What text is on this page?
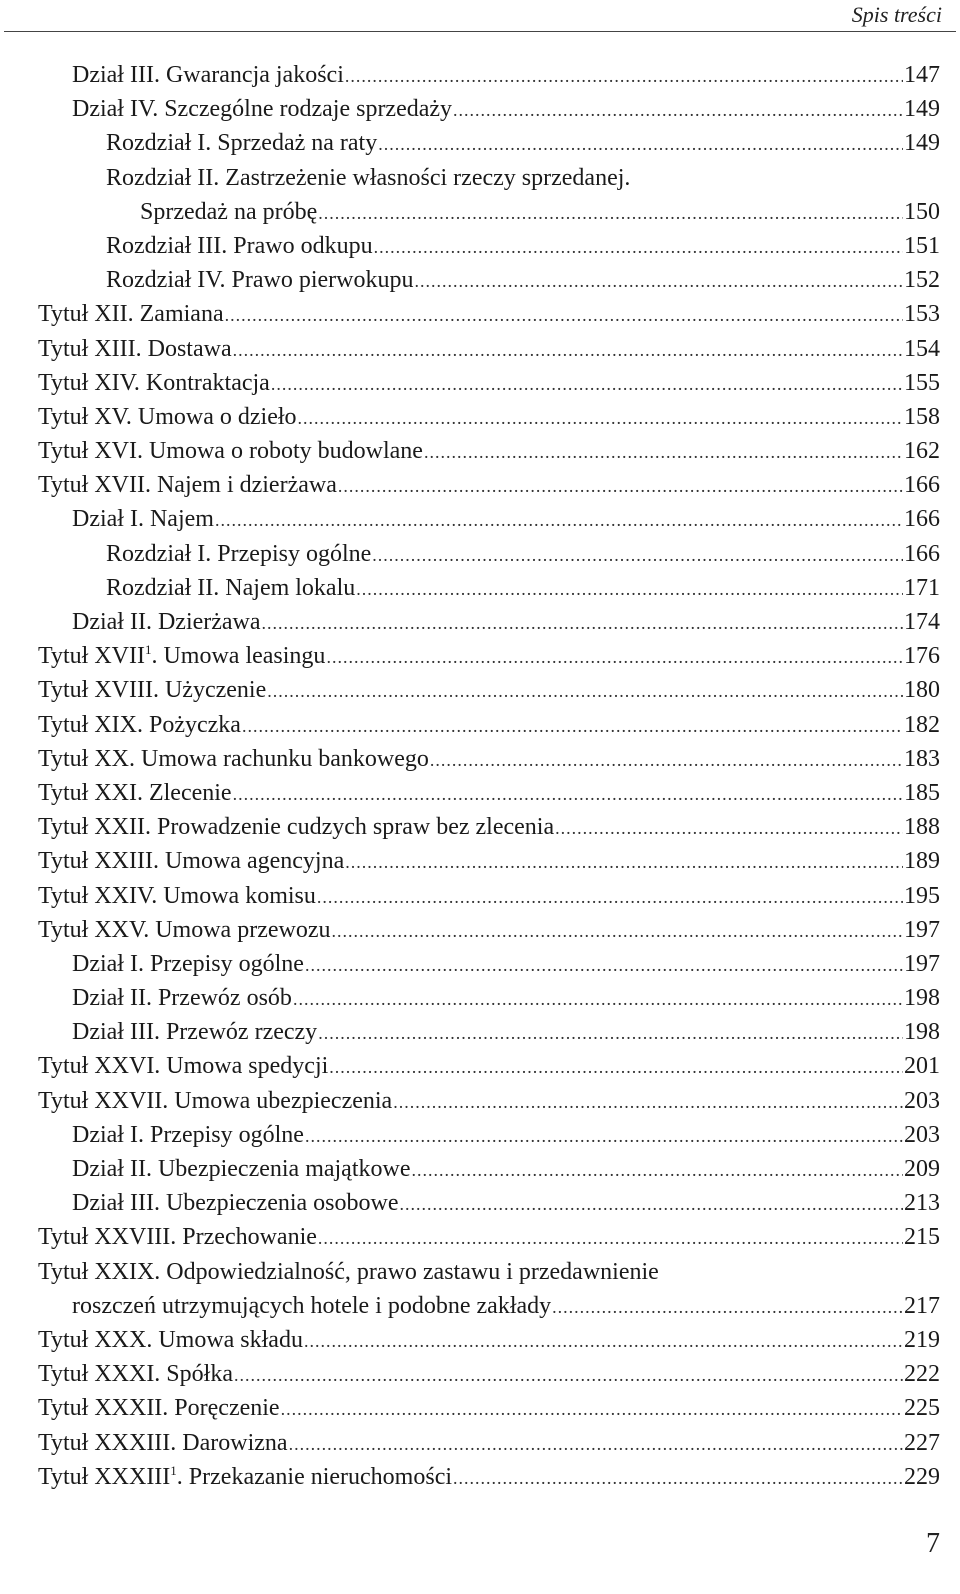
Spis treści
Dział III. Gwarancja jakości .....	147
Dział IV. Szczególne rodzaje sprzedaży .....	149
Rozdział I. Sprzedaż na raty .....	149
Rozdział II. Zastrzeżenie własności rzeczy sprzedanej.
Sprzedaż na próbę .....	150
Rozdział III. Prawo odkupu .....	151
Rozdział IV. Prawo pierwokupu .....	152
Tytuł XII. Zamiana .....	153
Tytuł XIII. Dostawa .....	154
Tytuł XIV. Kontraktacja .....	155
Tytuł XV. Umowa o dzieło .....	158
Tytuł XVI. Umowa o roboty budowlane .....	162
Tytuł XVII. Najem i dzierżawa .....	166
Dział I. Najem .....	166
Rozdział I. Przepisy ogólne .....	166
Rozdział II. Najem lokalu .....	171
Dział II. Dzierżawa .....	174
Tytuł XVII$^1$. Umowa leasingu .....	176
Tytuł XVIII. Użyczenie .....	180
Tytuł XIX. Pożyczka .....	182
Tytuł XX. Umowa rachunku bankowego .....	183
Tytuł XXI. Zlecenie .....	185
Tytuł XXII. Prowadzenie cudzych spraw bez zlecenia .....	188
Tytuł XXIII. Umowa agencyjna .....	189
Tytuł XXIV. Umowa komisu .....	195
Tytuł XXV. Umowa przewozu .....	197
Dział I. Przepisy ogólne .....	197
Dział II. Przewóz osób .....	198
Dział III. Przewóz rzeczy .....	198
Tytuł XXVI. Umowa spedycji .....	201
Tytuł XXVII. Umowa ubezpieczenia .....	203
Dział I. Przepisy ogólne .....	203
Dział II. Ubezpieczenia majątkowe .....	209
Dział III. Ubezpieczenia osobowe .....	213
Tytuł XXVIII. Przechowanie .....	215
Tytuł XXIX. Odpowiedzialność, prawo zastawu i przedawnienie
roszczeń utrzymujących hotele i podobne zakłady .....	217
Tytuł XXX. Umowa składu .....	219
Tytuł XXXI. Spółka .....	222
Tytuł XXXII. Poręczenie .....	225
Tytuł XXXIII. Darowizna .....	227
Tytuł XXXIII$^1$. Przekazanie nieruchomości .....	229
7
